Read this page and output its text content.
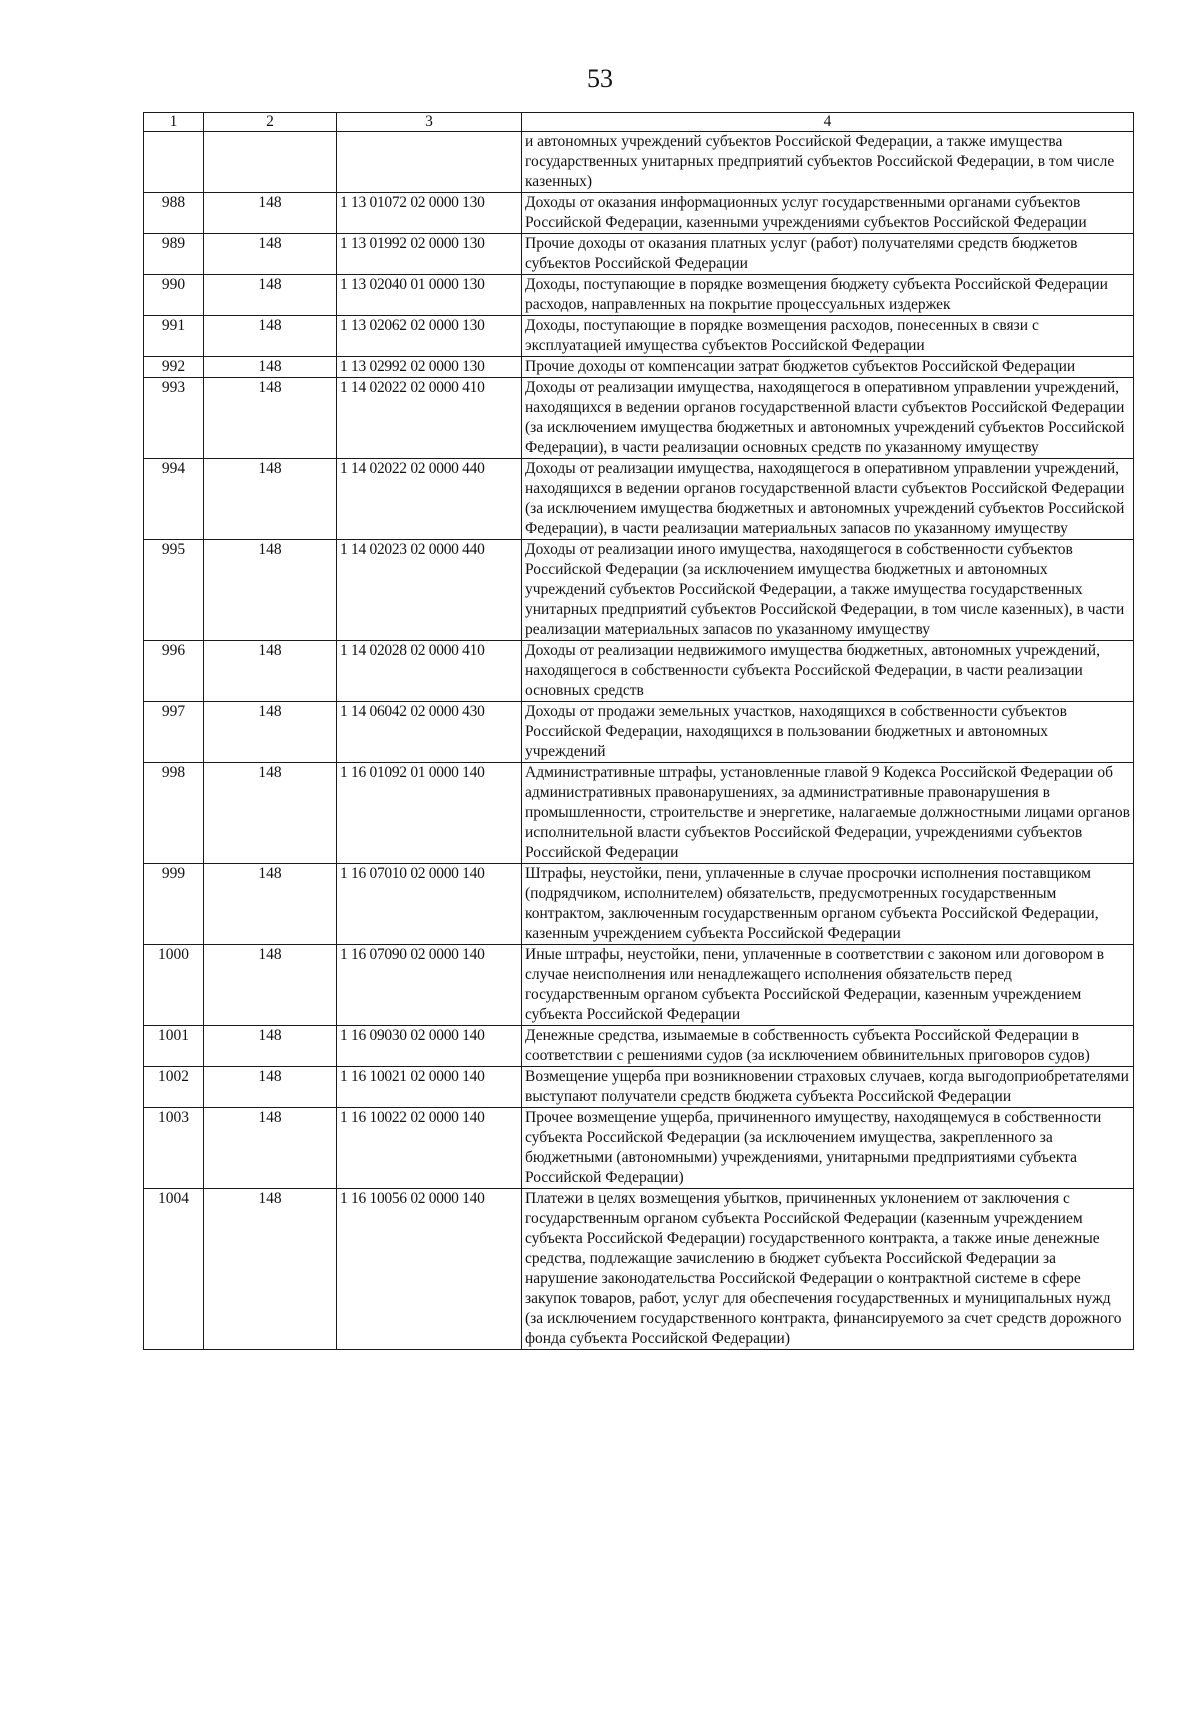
53
1	2	3	4
			и автономных учреждений субъектов Российской Федерации, а также имущества государственных унитарных предприятий субъектов Российской Федерации, в том числе казенных)
988	148	1 13 01072 02 0000 130	Доходы от оказания информационных услуг государственными органами субъектов Российской Федерации, казенными учреждениями субъектов Российской Федерации
989	148	1 13 01992 02 0000 130	Прочие доходы от оказания платных услуг (работ) получателями средств бюджетов субъектов Российской Федерации
990	148	1 13 02040 01 0000 130	Доходы, поступающие в порядке возмещения бюджету субъекта Российской Федерации расходов, направленных на покрытие процессуальных издержек
991	148	1 13 02062 02 0000 130	Доходы, поступающие в порядке возмещения расходов, понесенных в связи с эксплуатацией имущества субъектов Российской Федерации
992	148	1 13 02992 02 0000 130	Прочие доходы от компенсации затрат бюджетов субъектов Российской Федерации
993	148	1 14 02022 02 0000 410	Доходы от реализации имущества, находящегося в оперативном управлении учреждений, находящихся в ведении органов государственной власти субъектов Российской Федерации (за исключением имущества бюджетных и автономных учреждений субъектов Российской Федерации), в части реализации основных средств по указанному имуществу
994	148	1 14 02022 02 0000 440	Доходы от реализации имущества, находящегося в оперативном управлении учреждений, находящихся в ведении органов государственной власти субъектов Российской Федерации (за исключением имущества бюджетных и автономных учреждений субъектов Российской Федерации), в части реализации материальных запасов по указанному имуществу
995	148	1 14 02023 02 0000 440	Доходы от реализации иного имущества, находящегося в собственности субъектов Российской Федерации (за исключением имущества бюджетных и автономных учреждений субъектов Российской Федерации, а также имущества государственных унитарных предприятий субъектов Российской Федерации, в том числе казенных), в части реализации материальных запасов по указанному имуществу
996	148	1 14 02028 02 0000 410	Доходы от реализации недвижимого имущества бюджетных, автономных учреждений, находящегося в собственности субъекта Российской Федерации, в части реализации основных средств
997	148	1 14 06042 02 0000 430	Доходы от продажи земельных участков, находящихся в собственности субъектов Российской Федерации, находящихся в пользовании бюджетных и автономных учреждений
998	148	1 16 01092 01 0000 140	Административные штрафы, установленные главой 9 Кодекса Российской Федерации об административных правонарушениях, за административные правонарушения в промышленности, строительстве и энергетике, налагаемые должностными лицами органов исполнительной власти субъектов Российской Федерации, учреждениями субъектов Российской Федерации
999	148	1 16 07010 02 0000 140	Штрафы, неустойки, пени, уплаченные в случае просрочки исполнения поставщиком (подрядчиком, исполнителем) обязательств, предусмотренных государственным контрактом, заключенным государственным органом субъекта Российской Федерации, казенным учреждением субъекта Российской Федерации
1000	148	1 16 07090 02 0000 140	Иные штрафы, неустойки, пени, уплаченные в соответствии с законом или договором в случае неисполнения или ненадлежащего исполнения обязательств перед государственным органом субъекта Российской Федерации, казенным учреждением субъекта Российской Федерации
1001	148	1 16 09030 02 0000 140	Денежные средства, изымаемые в собственность субъекта Российской Федерации в соответствии с решениями судов (за исключением обвинительных приговоров судов)
1002	148	1 16 10021 02 0000 140	Возмещение ущерба при возникновении страховых случаев, когда выгодоприобретателями выступают получатели средств бюджета субъекта Российской Федерации
1003	148	1 16 10022 02 0000 140	Прочее возмещение ущерба, причиненного имуществу, находящемуся в собственности субъекта Российской Федерации (за исключением имущества, закрепленного за бюджетными (автономными) учреждениями, унитарными предприятиями субъекта Российской Федерации)
1004	148	1 16 10056 02 0000 140	Платежи в целях возмещения убытков, причиненных уклонением от заключения с государственным органом субъекта Российской Федерации (казенным учреждением субъекта Российской Федерации) государственного контракта, а также иные денежные средства, подлежащие зачислению в бюджет субъекта Российской Федерации за нарушение законодательства Российской Федерации о контрактной системе в сфере закупок товаров, работ, услуг для обеспечения государственных и муниципальных нужд (за исключением государственного контракта, финансируемого за счет средств дорожного фонда субъекта Российской Федерации)
